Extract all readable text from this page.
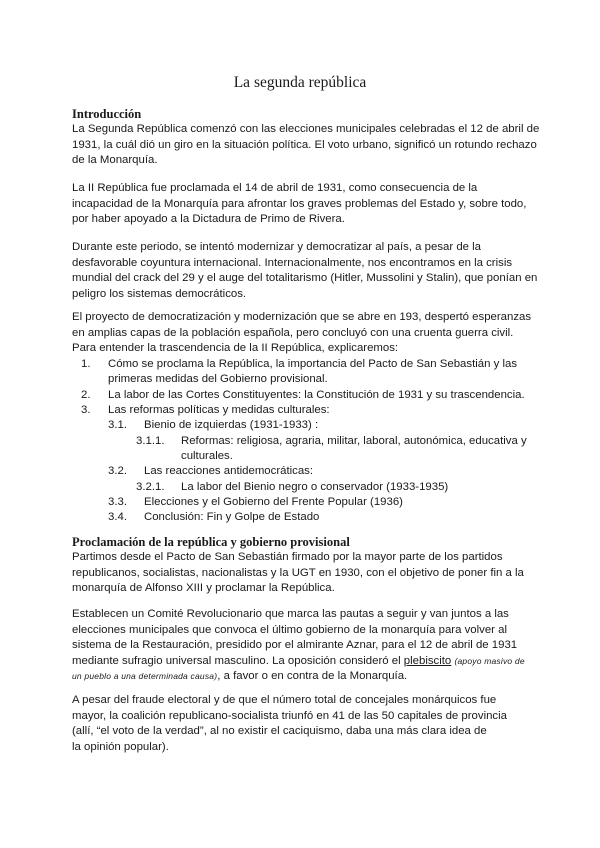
La segunda república
Introducción
La Segunda República comenzó con las elecciones municipales celebradas el 12 de abril de
1931, la cuál dió un giro en la situación política. El voto urbano, significó un rotundo rechazo
de la Monarquía.
La II República fue proclamada el 14 de abril de 1931, como consecuencia de la
incapacidad de la Monarquía para afrontar los graves problemas del Estado y, sobre todo,
por haber apoyado a la Dictadura de Primo de Rivera.
Durante este periodo, se intentó modernizar y democratizar al país, a pesar de la
desfavorable coyuntura internacional. Internacionalmente, nos encontramos en la crisis
mundial del crack del 29 y el auge del totalitarismo (Hitler, Mussolini y Stalin), que ponían en
peligro los sistemas democráticos.
El proyecto de democratización y modernización que se abre en 193, despertó esperanzas
en amplias capas de la población española, pero concluyó con una cruenta guerra civil.
Para entender la trascendencia de la II República, explicaremos:
1. Cómo se proclama la República, la importancia del Pacto de San Sebastián y las
primeras medidas del Gobierno provisional.
2. La labor de las Cortes Constituyentes: la Constitución de 1931 y su trascendencia.
3. Las reformas políticas y medidas culturales:
3.1. Bienio de izquierdas (1931-1933) :
3.1.1. Reformas: religiosa, agraria, militar, laboral, autonómica, educativa y
culturales.
3.2. Las reacciones antidemocráticas:
3.2.1. La labor del Bienio negro o conservador (1933-1935)
3.3. Elecciones y el Gobierno del Frente Popular (1936)
3.4. Conclusión: Fin y Golpe de Estado
Proclamación de la república y gobierno provisional
Partimos desde el Pacto de San Sebastián firmado por la mayor parte de los partidos
republicanos, socialistas, nacionalistas y la UGT en 1930, con el objetivo de poner fin a la
monarquía de Alfonso XIII y proclamar la República.
Establecen un Comité Revolucionario que marca las pautas a seguir y van juntos a las
elecciones municipales que convoca el último gobierno de la monarquía para volver al
sistema de la Restauración, presidido por el almirante Aznar, para el 12 de abril de 1931
mediante sufragio universal masculino. La oposición consideró el plebiscito (apoyo masivo de
un pueblo a una determinada causa), a favor o en contra de la Monarquía.
A pesar del fraude electoral y de que el número total de concejales monárquicos fue
mayor, la coalición republicano-socialista triunfó en 41 de las 50 capitales de provincia
(allí, “el voto de la verdad”, al no existir el caciquismo, daba una más clara idea de
la opinión popular).
